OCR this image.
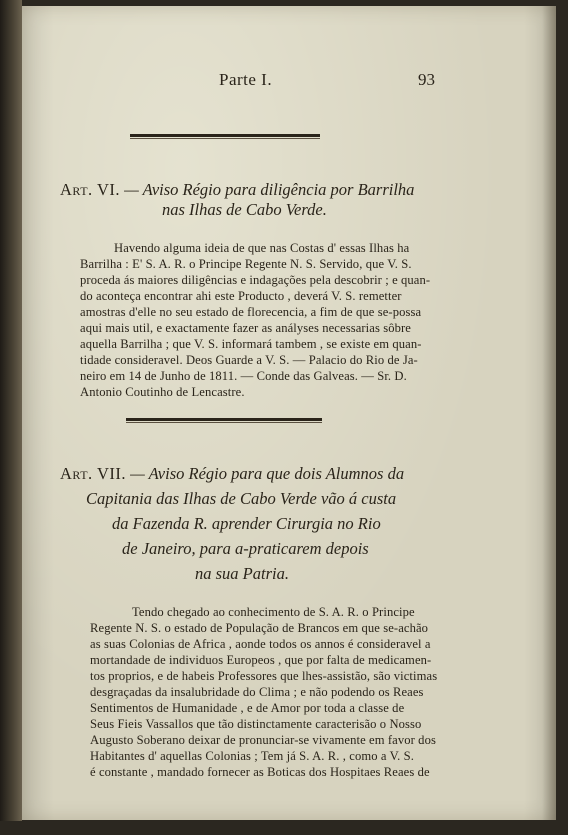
Parte I.	93
Art. VI. — Aviso Régio para diligência por Barrilha
nas Ilhas de Cabo Verde.
Havendo alguma ideia de que nas Costas d' essas Ilhas ha
Barrilha : E' S. A. R. o Principe Regente N. S. Servido, que V. S.
proceda ás maiores diligências e indagações pela descobrir ; e quan-
do aconteça encontrar ahi este Producto , deverá V. S. remetter
amostras d'elle no seu estado de florecencia, a fim de que se-possa
aqui mais util, e exactamente fazer as anályses necessarias sôbre
aquella Barrilha ; que V. S. informará tambem , se existe em quan-
tidade consideravel. Deos Guarde a V. S. — Palacio do Rio de Ja-
neiro em 14 de Junho de 1811. — Conde das Galveas. — Sr. D.
Antonio Coutinho de Lencastre.
Art. VII. — Aviso Régio para que dois Alumnos da
Capitania das Ilhas de Cabo Verde vão á custa
da Fazenda R. aprender Cirurgia no Rio
de Janeiro, para a-praticarem depois
na sua Patria.
Tendo chegado ao conhecimento de S. A. R. o Principe
Regente N. S. o estado de População de Brancos em que se-achão
as suas Colonias de Africa , aonde todos os annos é consideravel a
mortandade de individuos Europeos , que por falta de medicamen-
tos proprios, e de habeis Professores que lhes-assistão, são victimas
desgraçadas da insalubridade do Clima ; e não podendo os Reaes
Sentimentos de Humanidade , e de Amor por toda a classe de
Seus Fieis Vassallos que tão distinctamente caracterisão o Nosso
Augusto Soberano deixar de pronunciar-se vivamente em favor dos
Habitantes d' aquellas Colonias ; Tem já S. A. R. , como a V. S.
é constante , mandado fornecer as Boticas dos Hospitaes Reaes de
